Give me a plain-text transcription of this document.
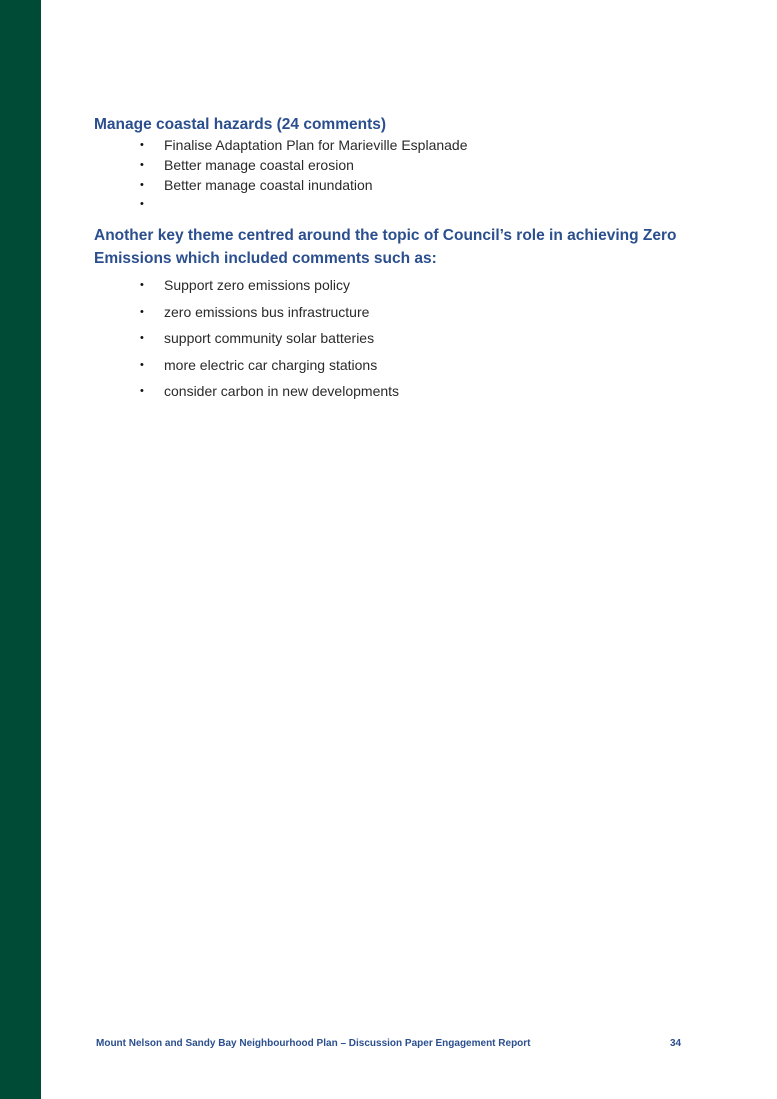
Manage coastal hazards (24 comments)
• Finalise Adaptation Plan for Marieville Esplanade
• Better manage coastal erosion
• Better manage coastal inundation
•
Another key theme centred around the topic of Council’s role in achieving Zero Emissions which included comments such as:
• Support zero emissions policy
• zero emissions bus infrastructure
• support community solar batteries
• more electric car charging stations
• consider carbon in new developments
Mount Nelson and Sandy Bay Neighbourhood Plan – Discussion Paper Engagement Report	34
